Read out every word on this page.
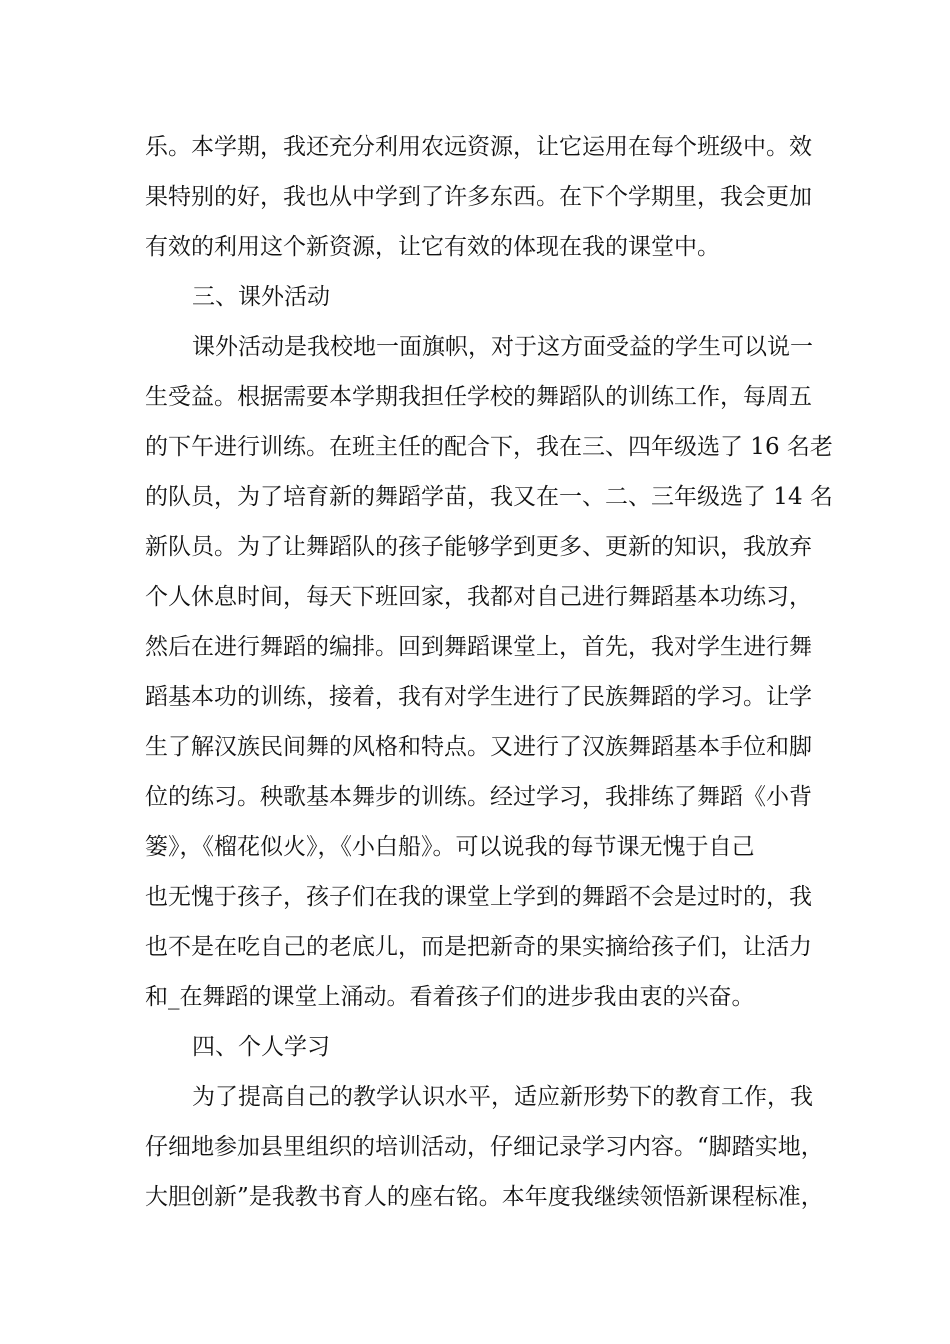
乐。本学期，我还充分利用农远资源，让它运用在每个班级中。效
果特别的好，我也从中学到了许多东西。在下个学期里，我会更加
有效的利用这个新资源，让它有效的体现在我的课堂中。
三、课外活动
课外活动是我校地一面旗帜，对于这方面受益的学生可以说一
生受益。根据需要本学期我担任学校的舞蹈队的训练工作，每周五
的下午进行训练。在班主任的配合下，我在三、四年级选了 16 名老
的队员，为了培育新的舞蹈学苗，我又在一、二、三年级选了 14 名
新队员。为了让舞蹈队的孩子能够学到更多、更新的知识，我放弃
个人休息时间，每天下班回家，我都对自己进行舞蹈基本功练习，
然后在进行舞蹈的编排。回到舞蹈课堂上，首先，我对学生进行舞
蹈基本功的训练，接着，我有对学生进行了民族舞蹈的学习。让学
生了解汉族民间舞的风格和特点。又进行了汉族舞蹈基本手位和脚
位的练习。秧歌基本舞步的训练。经过学习，我排练了舞蹈《小背
篓》，《榴花似火》，《小白船》。可以说我的每节课无愧于自己
也无愧于孩子，孩子们在我的课堂上学到的舞蹈不会是过时的，我
也不是在吃自己的老底儿，而是把新奇的果实摘给孩子们，让活力
和_在舞蹈的课堂上涌动。看着孩子们的进步我由衷的兴奋。
四、个人学习
为了提高自己的教学认识水平，适应新形势下的教育工作，我
仔细地参加县里组织的培训活动，仔细记录学习内容。“脚踏实地，
大胆创新”是我教书育人的座右铭。本年度我继续领悟新课程标准，
